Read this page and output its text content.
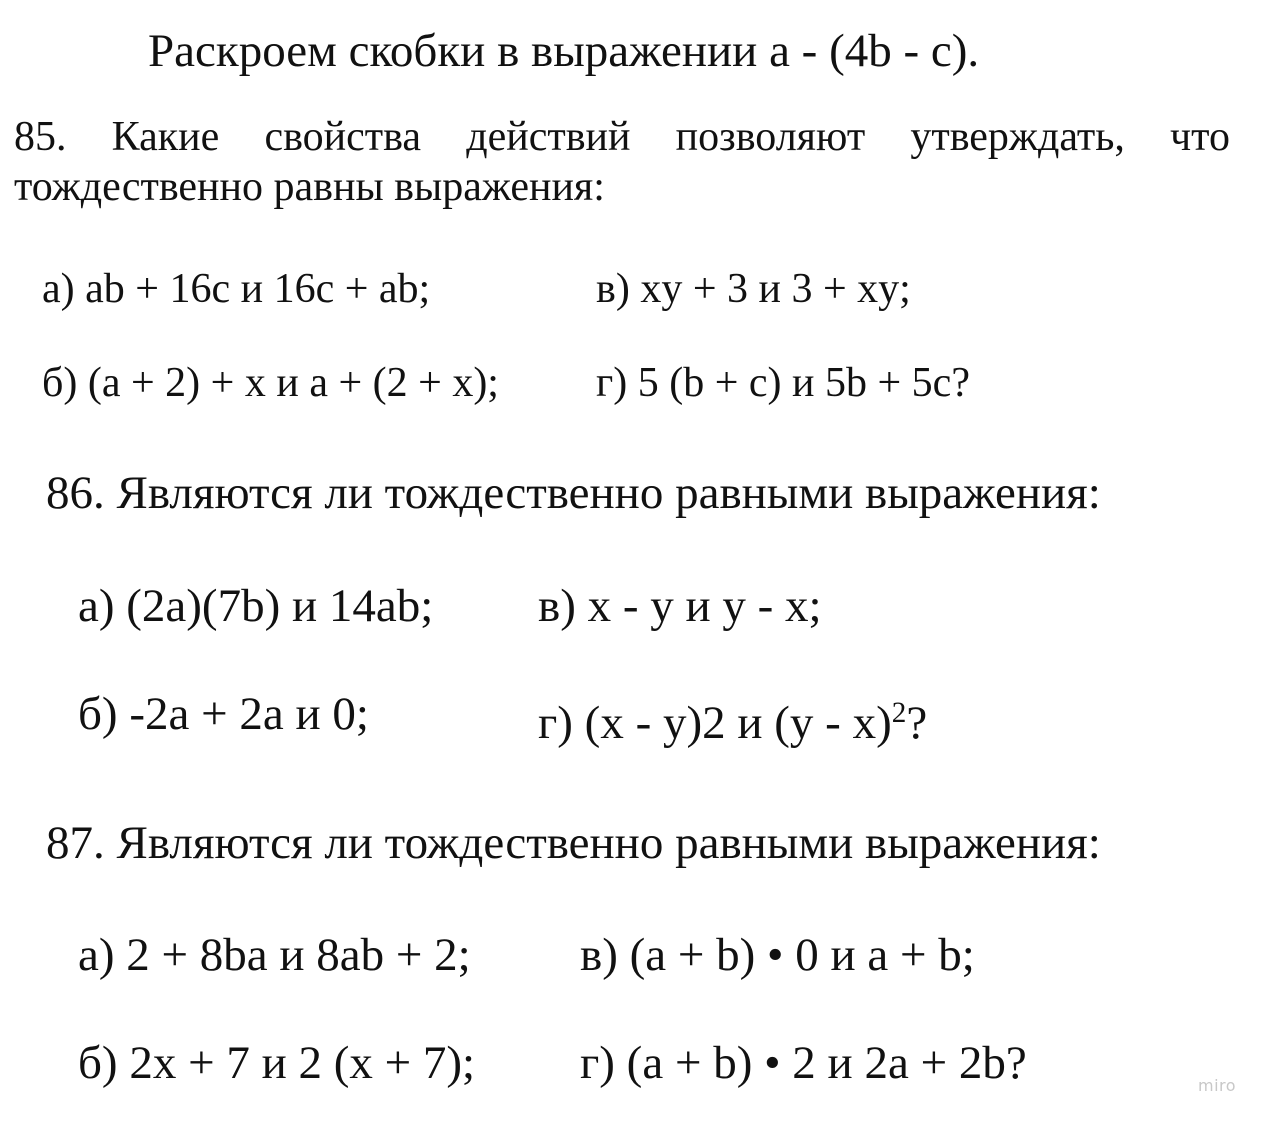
Раскроем скобки в выражении а - (4b - с).
85. Какие свойства действий позволяют утверждать, что
тождественно равны выражения:
а) ab + 16с и 16с + ab;	в) xy + 3 и 3 + xy;
б) (а + 2) + х и а + (2 + х); г) 5 (b + с) и 5b + 5с?
86. Являются ли тождественно равными выражения:
а) (2a)(7b) и 14ab; в) x - y и y - x;
б) -2а + 2а и 0;	г) (x - y)2 и (y - x)$^2$?
87. Являются ли тождественно равными выражения:
а) 2 + 8ba и 8ab + 2; в) (a + b) • 0 и a + b;
б) 2x + 7 и 2 (x + 7); г) (a + b) • 2 и 2a + 2b?	miro
